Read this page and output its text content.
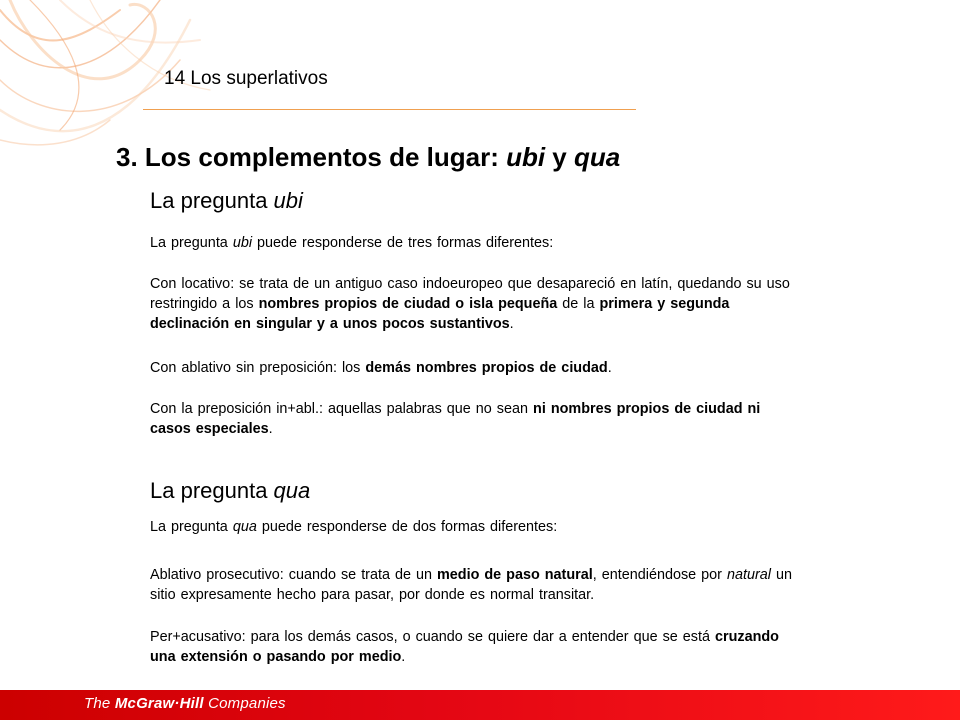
14 Los superlativos
3. Los complementos de lugar: ubi y qua
La pregunta ubi
La pregunta ubi puede responderse de tres formas diferentes:
Con locativo: se trata de un antiguo caso indoeuropeo que desapareció en latín, quedando su uso restringido a los nombres propios de ciudad o isla pequeña de la primera y segunda declinación en singular y a unos pocos sustantivos.
Con ablativo sin preposición: los demás nombres propios de ciudad.
Con la preposición in+abl.: aquellas palabras que no sean ni nombres propios de ciudad ni casos especiales.
La pregunta qua
La pregunta qua puede responderse de dos formas diferentes:
Ablativo prosecutivo: cuando se trata de un medio de paso natural, entendiéndose por natural un sitio expresamente hecho para pasar, por donde es normal transitar.
Per+acusativo: para los demás casos, o cuando se quiere dar a entender que se está cruzando una extensión o pasando por medio.
The McGraw·Hill Companies
